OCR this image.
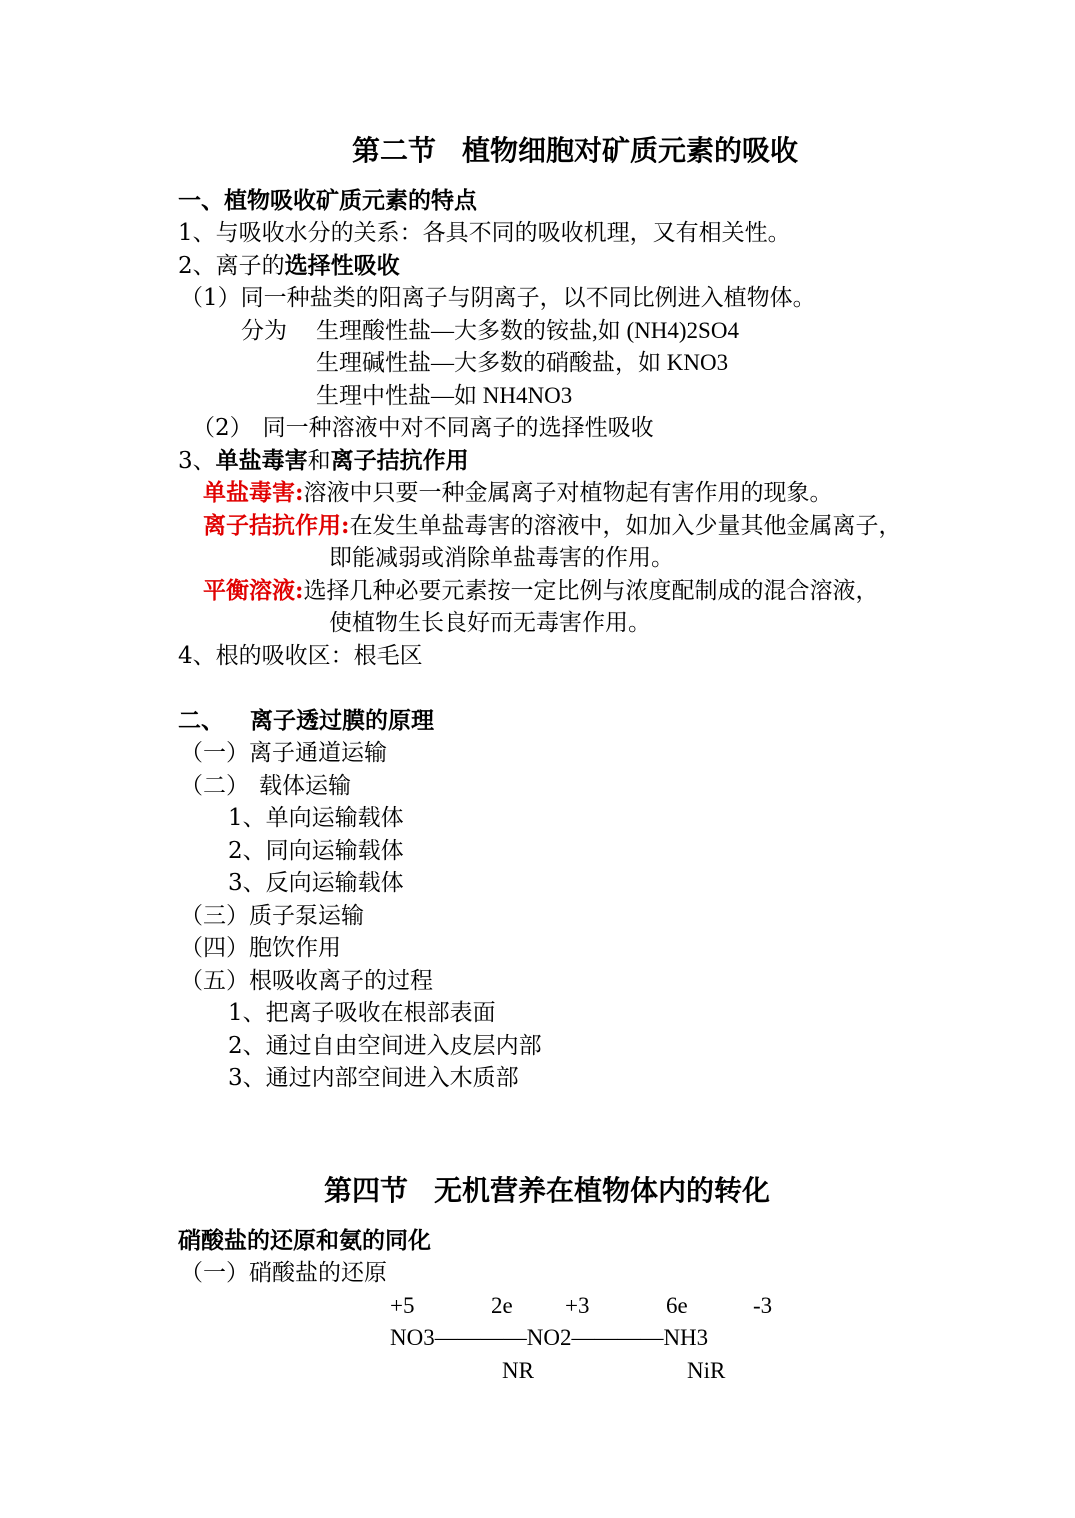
第二节 植物细胞对矿质元素的吸收
一、植物吸收矿质元素的特点
1、与吸收水分的关系：各具不同的吸收机理，又有相关性。
2、离子的选择性吸收
（1）同一种盐类的阳离子与阴离子，以不同比例进入植物体。
分为 生理酸性盐—大多数的铵盐,如 (NH4)2SO4
生理碱性盐—大多数的硝酸盐，如 KNO3
生理中性盐—如 NH4NO3
（2） 同一种溶液中对不同离子的选择性吸收
3、单盐毒害和离子拮抗作用
单盐毒害:溶液中只要一种金属离子对植物起有害作用的现象。
离子拮抗作用:在发生单盐毒害的溶液中，如加入少量其他金属离子，
即能减弱或消除单盐毒害的作用。
平衡溶液:选择几种必要元素按一定比例与浓度配制成的混合溶液，
使植物生长良好而无毒害作用。
4、根的吸收区：根毛区
二、 离子透过膜的原理
（一）离子通道运输
（二） 载体运输
1、单向运输载体
2、同向运输载体
3、反向运输载体
（三）质子泵运输
（四）胞饮作用
（五）根吸收离子的过程
1、把离子吸收在根部表面
2、通过自由空间进入皮层内部
3、通过内部空间进入木质部
第四节 无机营养在植物体内的转化
硝酸盐的还原和氨的同化
（一）硝酸盐的还原
+5	2e +3	6e	-3
NO3————NO2————NH3
NR	NiR
